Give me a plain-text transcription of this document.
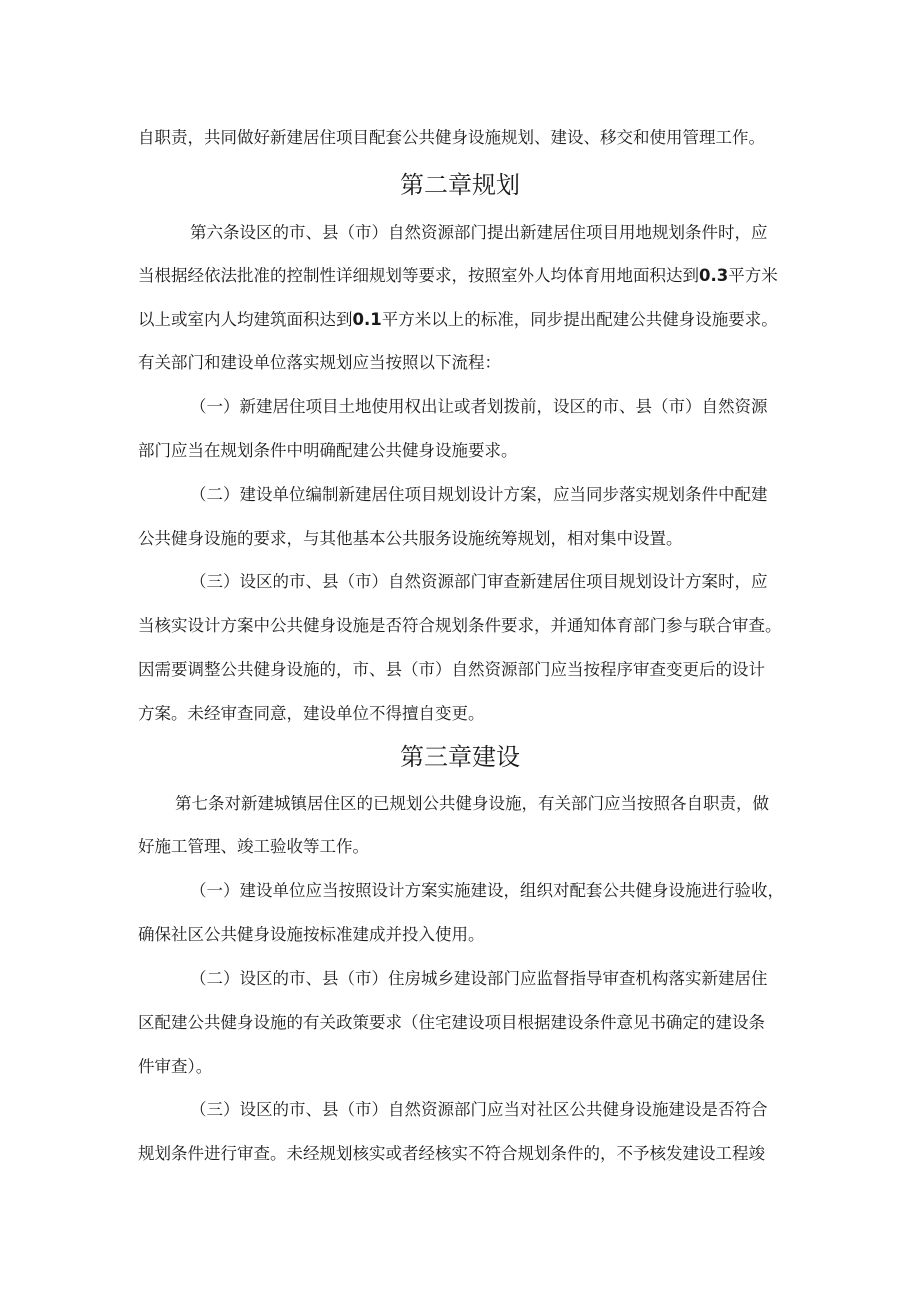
自职责，共同做好新建居住项目配套公共健身设施规划、建设、移交和使用管理工作。
第二章规划
第六条设区的市、县（市）自然资源部门提出新建居住项目用地规划条件时，应
当根据经依法批准的控制性详细规划等要求，按照室外人均体育用地面积达到0.3平方米
以上或室内人均建筑面积达到0.1平方米以上的标准，同步提出配建公共健身设施要求。
有关部门和建设单位落实规划应当按照以下流程：
（一）新建居住项目土地使用权出让或者划拨前，设区的市、县（市）自然资源
部门应当在规划条件中明确配建公共健身设施要求。
（二）建设单位编制新建居住项目规划设计方案，应当同步落实规划条件中配建
公共健身设施的要求，与其他基本公共服务设施统筹规划，相对集中设置。
（三）设区的市、县（市）自然资源部门审查新建居住项目规划设计方案时，应
当核实设计方案中公共健身设施是否符合规划条件要求，并通知体育部门参与联合审查。
因需要调整公共健身设施的，市、县（市）自然资源部门应当按程序审查变更后的设计
方案。未经审查同意，建设单位不得擅自变更。
第三章建设
第七条对新建城镇居住区的已规划公共健身设施，有关部门应当按照各自职责，做
好施工管理、竣工验收等工作。
（一）建设单位应当按照设计方案实施建设，组织对配套公共健身设施进行验收，
确保社区公共健身设施按标准建成并投入使用。
（二）设区的市、县（市）住房城乡建设部门应监督指导审查机构落实新建居住
区配建公共健身设施的有关政策要求（住宅建设项目根据建设条件意见书确定的建设条
件审查）。
（三）设区的市、县（市）自然资源部门应当对社区公共健身设施建设是否符合
规划条件进行审查。未经规划核实或者经核实不符合规划条件的，不予核发建设工程竣
